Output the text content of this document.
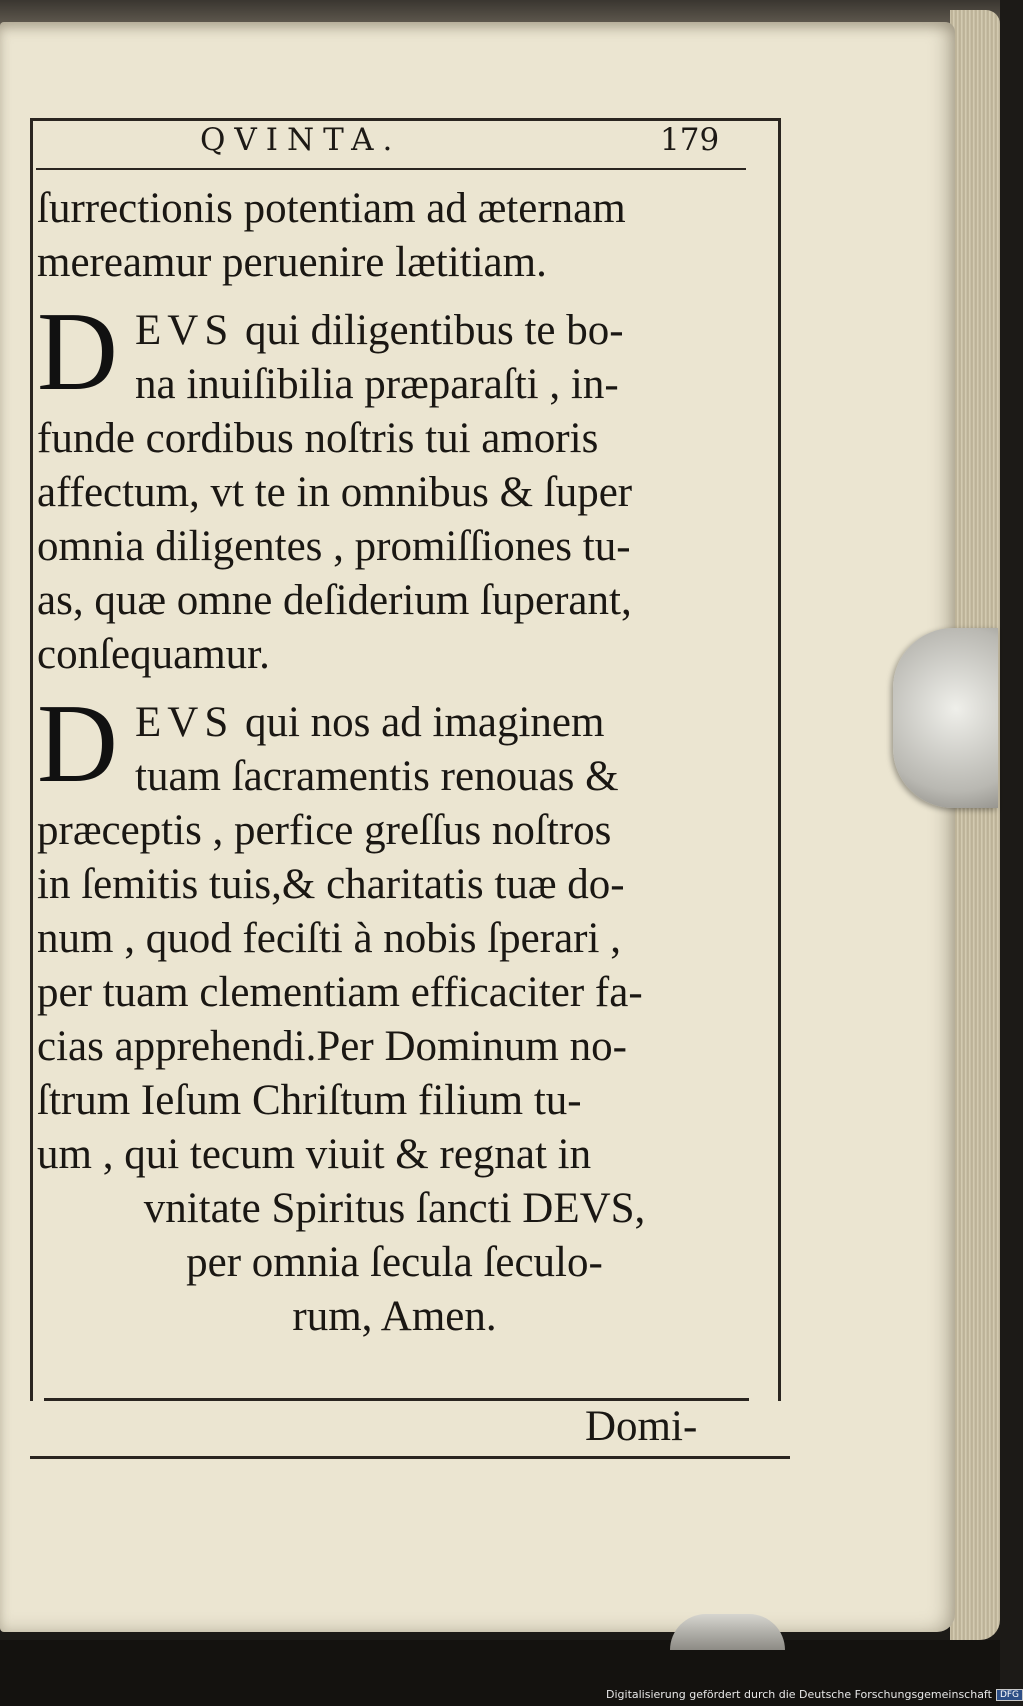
QVINTA.	179
ſurrectionis potentiam ad æternam
mereamur peruenire lætitiam.
D EVS qui diligentibus te bo-
na inuiſibilia præparaſti , in-
funde cordibus noſtris tui amoris
affectum, vt te in omnibus & ſuper
omnia diligentes , promiſſiones tu-
as, quæ omne deſiderium ſuperant,
conſequamur.
D EVS qui nos ad imaginem
tuam ſacramentis renouas &
præceptis , perfice greſſus noſtros
in ſemitis tuis,& charitatis tuæ do-
num , quod feciſti à nobis ſperari ,
per tuam clementiam efficaciter fa-
cias apprehendi.Per Dominum no-
ſtrum Ieſum Chriſtum filium tu-
um , qui tecum viuit & regnat in
vnitate Spiritus ſancti DEVS,
per omnia ſecula ſeculo-
rum, Amen.
Domi-
Digitalisierung gefördert durch die Deutsche Forschungsgemeinschaft DFG
